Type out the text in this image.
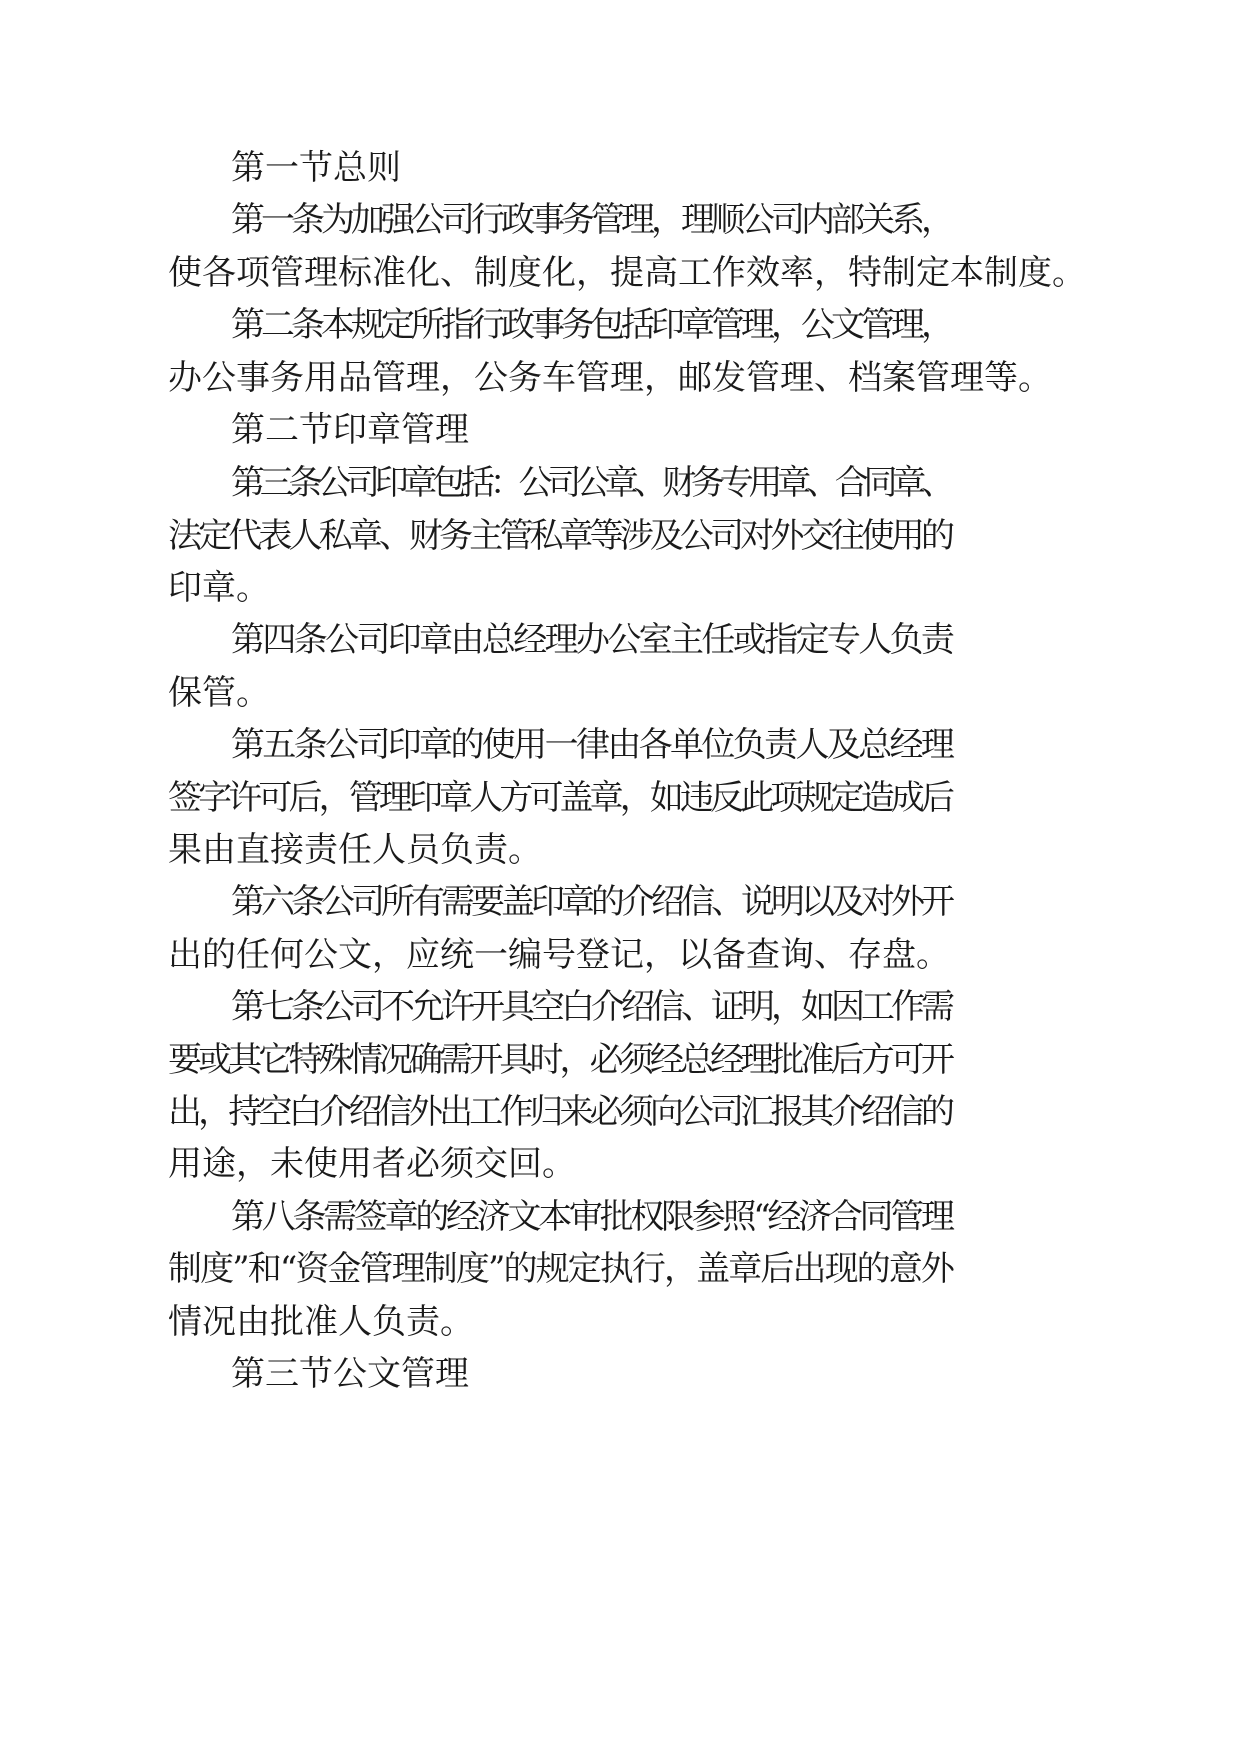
第一节总则
第一条为加强公司行政事务管理，理顺公司内部关系，
使各项管理标准化、制度化，提高工作效率，特制定本制度。
第二条本规定所指行政事务包括印章管理，公文管理，
办公事务用品管理，公务车管理，邮发管理、档案管理等。
第二节印章管理
第三条公司印章包括：公司公章、财务专用章、合同章、
法定代表人私章、财务主管私章等涉及公司对外交往使用的
印章。
第四条公司印章由总经理办公室主任或指定专人负责
保管。
第五条公司印章的使用一律由各单位负责人及总经理
签字许可后，管理印章人方可盖章，如违反此项规定造成后
果由直接责任人员负责。
第六条公司所有需要盖印章的介绍信、说明以及对外开
出的任何公文，应统一编号登记，以备查询、存盘。
第七条公司不允许开具空白介绍信、证明，如因工作需
要或其它特殊情况确需开具时，必须经总经理批准后方可开
出，持空白介绍信外出工作归来必须向公司汇报其介绍信的
用途，未使用者必须交回。
第八条需签章的经济文本审批权限参照“经济合同管理
制度”和“资金管理制度”的规定执行，盖章后出现的意外
情况由批准人负责。
第三节公文管理
